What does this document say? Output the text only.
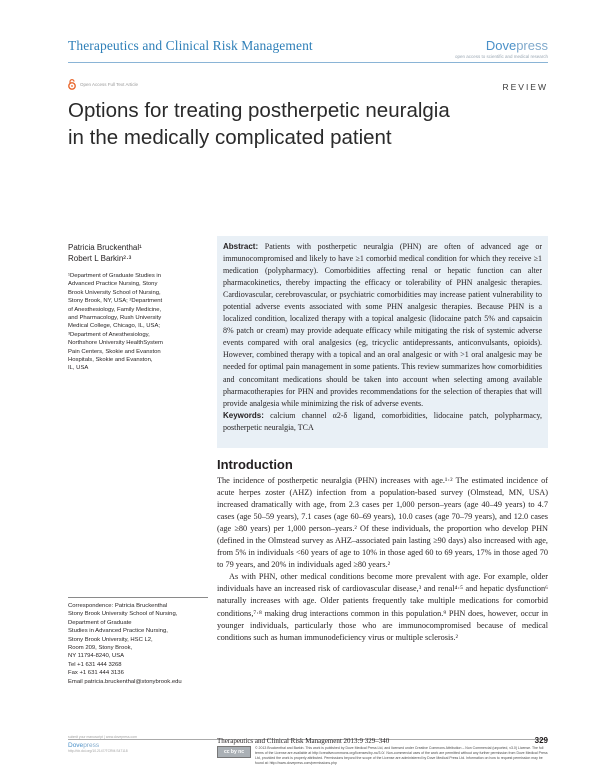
Therapeutics and Clinical Risk Management	Dovepress
open access to scientific and medical research
Open Access Full Text Article	REVIEW
Options for treating postherpetic neuralgia
in the medically complicated patient
Patricia Bruckenthal¹
Robert L Barkin²·³

¹Department of Graduate Studies in

Advanced Practice Nursing, Stony

Brook University School of Nursing,

Stony Brook, NY, USA; ²Department

of Anesthesiology, Family Medicine,

and Pharmacology, Rush University

Medical College, Chicago, IL, USA;

³Department of Anesthesiology,

Northshore University HealthSystem

Pain Centers, Skokie and Evanston

Hospitals, Skokie and Evanston,

IL, USA

Correspondence: Patricia Bruckenthal

Stony Brook University School of Nursing,

Department of Graduate

Studies in Advanced Practice Nursing,

Stony Brook University, HSC L2,

Room 209, Stony Brook,

NY 11794-8240, USA

Tel +1 631 444 3268

Fax +1 631 444 3136

Email patricia.bruckenthal@stonybrook.edu

Abstract: Patients with postherpetic neuralgia (PHN) are often of advanced age or immunocompromised and likely to have ≥1 comorbid medical condition for which they receive ≥1 medication (polypharmacy). Comorbidities affecting renal or hepatic function can alter pharmacokinetics, thereby impacting the efficacy or tolerability of PHN analgesic therapies. Cardiovascular, cerebrovascular, or psychiatric comorbidities may increase patient vulnerability to potential adverse events associated with some PHN analgesic therapies. Because PHN is a localized condition, localized therapy with a topical analgesic (lidocaine patch 5% and capsaicin 8% patch or cream) may provide adequate efficacy while mitigating the risk of systemic adverse events compared with oral analgesics (eg, tricyclic antidepressants, anticonvulsants, opioids). However, combined therapy with a topical and an oral analgesic or with >1 oral analgesic may be needed for optimal pain management in some patients. This review summarizes how comorbidities and concomitant medications should be taken into account when selecting among available pharmacotherapies for PHN and provides recommendations for the selection of therapies that will provide analgesia while minimizing the risk of adverse events.

Keywords: calcium channel α2-δ ligand, comorbidities, lidocaine patch, polypharmacy, postherpetic neuralgia, TCA

Introduction

The incidence of postherpetic neuralgia (PHN) increases with age.¹·² The estimated incidence of acute herpes zoster (AHZ) infection from a population-based survey (Olmstead, MN, USA) increased dramatically with age, from 2.3 cases per 1,000 person–years (age 40–49 years) to 4.7 cases (age 50–59 years), 7.1 cases (age 60–69 years), 10.0 cases (age 70–79 years), and 12.0 cases (age ≥80 years) per 1,000 person–years.² Of these individuals, the proportion who develop PHN (defined in the Olmstead survey as AHZ–associated pain lasting ≥90 days) also increased with age, from 5% in individuals <60 years of age to 10% in those aged 60 to 69 years, 17% in those aged 70 to 79 years, and 20% in individuals aged ≥80 years.²

As with PHN, other medical conditions become more prevalent with age. For example, older individuals have an increased risk of cardiovascular disease,³ and renal⁴·⁵ and hepatic dysfunction⁶ naturally increases with age. Older patients frequently take multiple medications for comorbid conditions,⁷·⁸ making drug interactions common in this population.⁹ PHN does, however, occur in younger individuals, particularly those who are immunocompromised because of medical conditions such as human immunodeficiency virus or multiple sclerosis.²

submit your manuscript | www.dovepress.com
Dovepress
http://dx.doi.org/10.2147/TCRM.S47118
Therapeutics and Clinical Risk Management 2013:9 329–340	329
cc by nc
© 2013 Bruckenthal and Barkin. This work is published by Dove Medical Press Ltd, and licensed under Creative Commons Attribution – Non Commercial (unported, v3.0) License. The full terms of the License are available at http://creativecommons.org/licenses/by-nc/3.0/. Non-commercial uses of the work are permitted without any further permission from Dove Medical Press Ltd, provided the work is properly attributed. Permissions beyond the scope of the License are administered by Dove Medical Press Ltd. Information on how to request permission may be found at: http://www.dovepress.com/permissions.php
